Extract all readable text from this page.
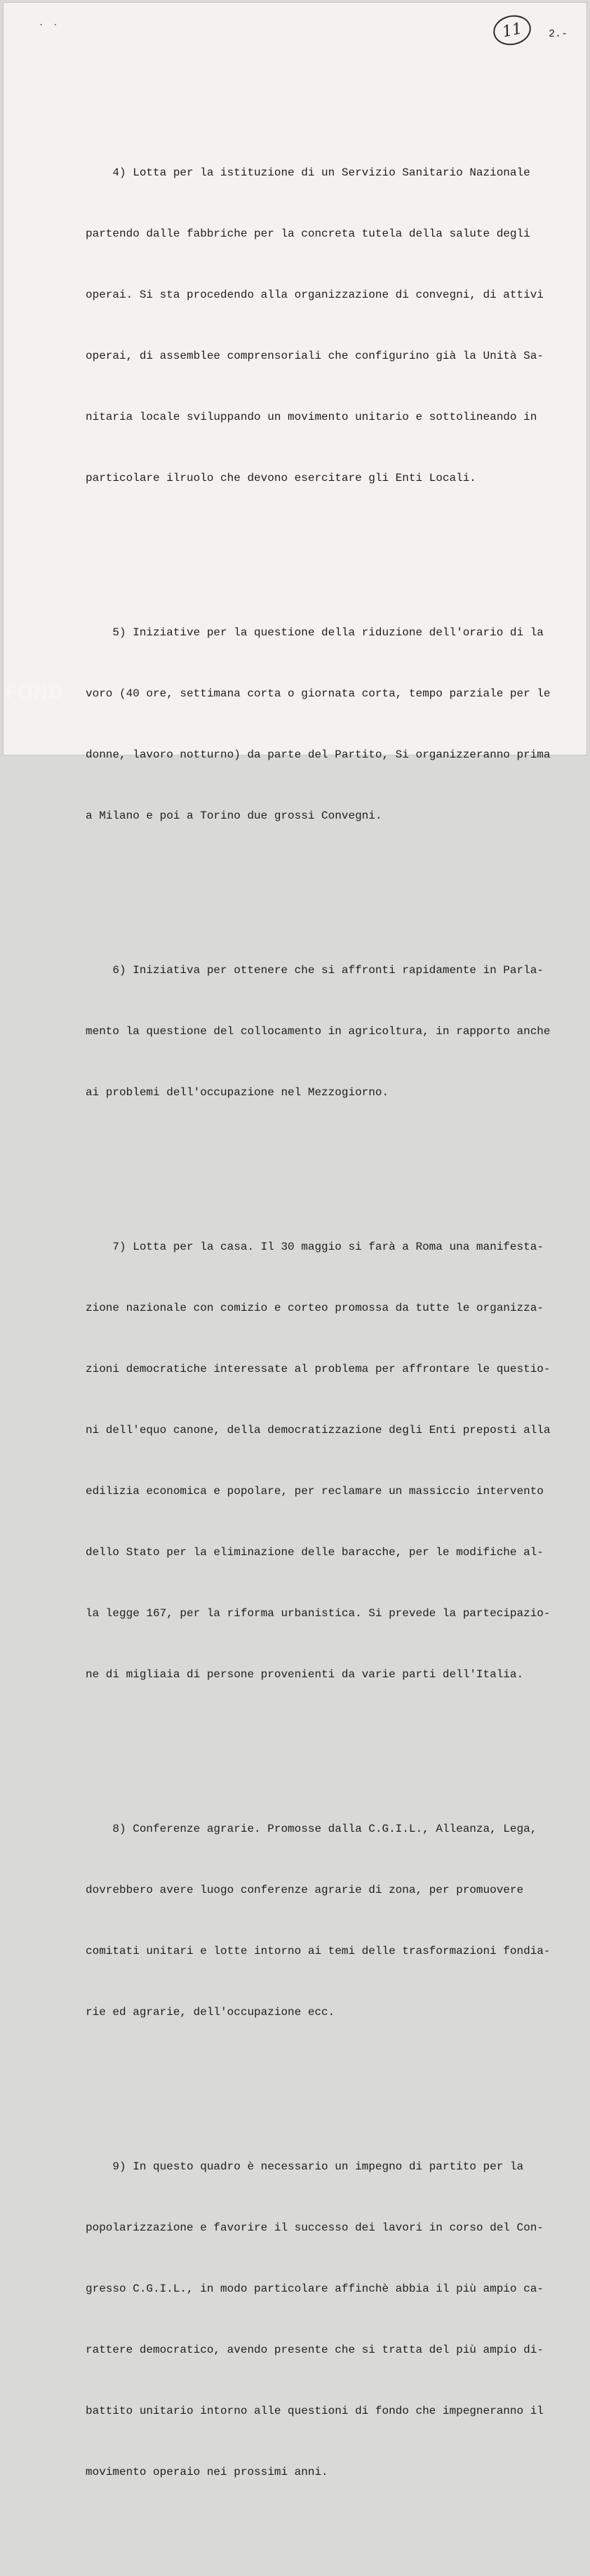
. .	11 2.-

4) Lotta per la istituzione di un Servizio Sanitario Nazionale

partendo dalle fabbriche per la concreta tutela della salute degli

operai. Si sta procedendo alla organizzazione di convegni, di attivi

operai, di assemblee comprensoriali che configurino già la Unità Sa-

nitaria locale sviluppando un movimento unitario e sottolineando in

particolare ilruolo che devono esercitare gli Enti Locali.

5) Iniziative per la questione della riduzione dell'orario di la

voro (40 ore, settimana corta o giornata corta, tempo parziale per le

donne, lavoro notturno) da parte del Partito, Si organizzeranno prima

a Milano e poi a Torino due grossi Convegni.

6) Iniziativa per ottenere che si affronti rapidamente in Parla-

mento la questione del collocamento in agricoltura, in rapporto anche

ai problemi dell'occupazione nel Mezzogiorno.

7) Lotta per la casa. Il 30 maggio si farà a Roma una manifesta-

zione nazionale con comizio e corteo promossa da tutte le organizza-

zioni democratiche interessate al problema per affrontare le questio-

ni dell'equo canone, della democratizzazione degli Enti preposti alla

edilizia economica e popolare, per reclamare un massiccio intervento

dello Stato per la eliminazione delle baracche, per le modifiche al-

la legge 167, per la riforma urbanistica. Si prevede la partecipazio-

ne di migliaia di persone provenienti da varie parti dell'Italia.

8) Conferenze agrarie. Promosse dalla C.G.I.L., Alleanza, Lega,

dovrebbero avere luogo conferenze agrarie di zona, per promuovere

comitati unitari e lotte intorno ai temi delle trasformazioni fondia-

rie ed agrarie, dell'occupazione ecc.

9) In questo quadro è necessario un impegno di partito per la

popolarizzazione e favorire il successo dei lavori in corso del Con-

gresso C.G.I.L., in modo particolare affinchè abbia il più ampio ca-

rattere democratico, avendo presente che si tratta del più ampio di-

battito unitario intorno alle questioni di fondo che impegneranno il

movimento operaio nei prossimi anni.

FOND
